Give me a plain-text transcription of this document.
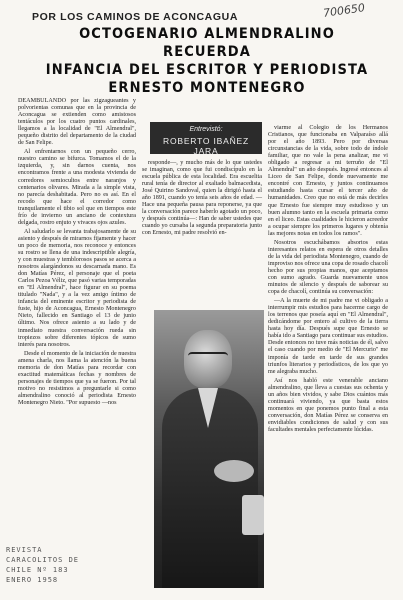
POR LOS CAMINOS DE ACONCAGUA	700650
OCTOGENARIO ALMENDRALINO RECUERDA
INFANCIA DEL ESCRITOR Y PERIODISTA
ERNESTO MONTENEGRO

DEAMBULANDO por las zigzagueantes y polvorientas comunas que en la provincia de Aconcagua se extienden como amistosos tentáculos por los cuatro puntos cardinales, llegamos a la localidad de "El Almendral", pequeño distrito del departamento de la ciudad de San Felipe.

Al enfrentarnos con un pequeño cerro, nuestro camino se bifurca. Tomamos el de la izquierda, y, sin darnos cuenta, nos encontramos frente a una modesta vivienda de corredores semiocultos entre naranjos y centenarios olivares. Mirada a la simple vista, no parecía deshabitada. Pero no es así. En el recodo que hace el corredor como tranquilamente el tibio sol que en tiempos este frío de invierno un anciano de contextura delgada, rostro enjuto y vivaces ojos azules.

Al saludarlo se levanta trabajosamente de su asiento y después de mirarnos fijamente y hacer un poco de memoria, nos reconoce y entonces su rostro se llena de una indescriptible alegría, y con muestras y temblorosos pasos se acerca a nosotros alargándonos su descarnada mano. Es don Matías Pérez, el personaje que el poeta Carlos Pezoa Véliz, que pasó varias temporadas en "El Almendral", hace figurar en su poema titulado "Nada", y a la vez amigo íntimo de infancia del eminente escritor y periodista de fuste, hijo de Aconcagua, Ernesto Montenegro Nieto, fallecido en Santiago el 13 de junio último. Nos ofrece asiento a su lado y de inmediato nuestra conversación rueda sin tropiezos sobre diferentes tópicos de sumo interés para nosotros.

Desde el momento de la iniciación de nuestra amena charla, nos llama la atención la buena memoria de don Matías para recordar con exactitud matemáticas fechas y nombres de personajes de tiempos que ya se fueron. Por tal motivo no resistimos a preguntarle si como almendralino conoció al periodista Ernesto Montenegro Nieto. "Por supuesto —nos

Entrevistó:
ROBERTO IBAÑEZ JARA

responde—, y mucho más de lo que ustedes se imaginan, como que fui condiscípulo en la escuela pública de esta localidad. Era escuelita rural tenía de director al exaltado balmacedista, José Quirino Sandoval, quien la dirigió hasta el año 1891, cuando yo tenía seis años de edad. —Hace una pequeña pausa para reponerse, ya que la conversación parece haberlo agotado un poco, y después continúa—: Han de saber ustedes que cuando yo cursaba la segunda preparatoria junto con Ernesto, mi padre resolvió en-

viarme al Colegio de los Hermanos Cristianos, que funcionaba en Valparaíso allá por el año 1893. Pero por diversas circunstancias de la vida, sobre todo de índole familiar, que no vale la pena analizar, me vi obligado a regresar a mi terruño de "El Almendral" un año después. Ingresé entonces al Liceo de San Felipe, donde nuevamente me encontré con Ernesto, y juntos continuamos estudiando hasta cursar el tercer año de humanidades. Creo que no está de más decirles que Ernesto fue siempre muy estudioso y un buen alumno tanto en la escuela primaria como en el liceo. Estas cualidades le hicieron acreedor a ocupar siempre los primeros lugares y obtenía las mejores notas en todos los ramos".

Nosotros escuchábamos absortos estas interesantes relatos en espera de otros detalles de la vida del periodista Montenegro, cuando de improviso nos ofrece una copa de rosado chacolí hecho por sus propias manos, que aceptamos con sumo agrado. Guarda nuevamente unos minutos de silencio y después de saborear su copa de chacolí, continúa su conversación:

—A la muerte de mi padre me vi obligado a interrumpir mis estudios para hacerme cargo de los terrenos que poseía aquí en "El Almendral", dedicándome por entero al cultivo de la tierra hasta hoy día. Después supe que Ernesto se había ido a Santiago para continuar sus estudios. Desde entonces no tuve más noticias de él, salvo el caso cuando por medio de "El Mercurio" me imponía de tarde en tarde de sus grandes triunfos literarios y periodísticos, de los que yo me alegraba mucho.

Así nos habló este venerable anciano almendralino, que lleva a cuestas sus ochenta y un años bien vividos, y sabe Dios cuántos más continuará viviendo, ya que basta estos momentos en que ponemos punto final a esta conversación, don Matías Pérez se conserva en envidiables condiciones de salud y con sus facultades mentales perfectamente lúcidas.

REVISTA
CARACOLITOS DE
CHILE Nº 183
ENERO 1958
